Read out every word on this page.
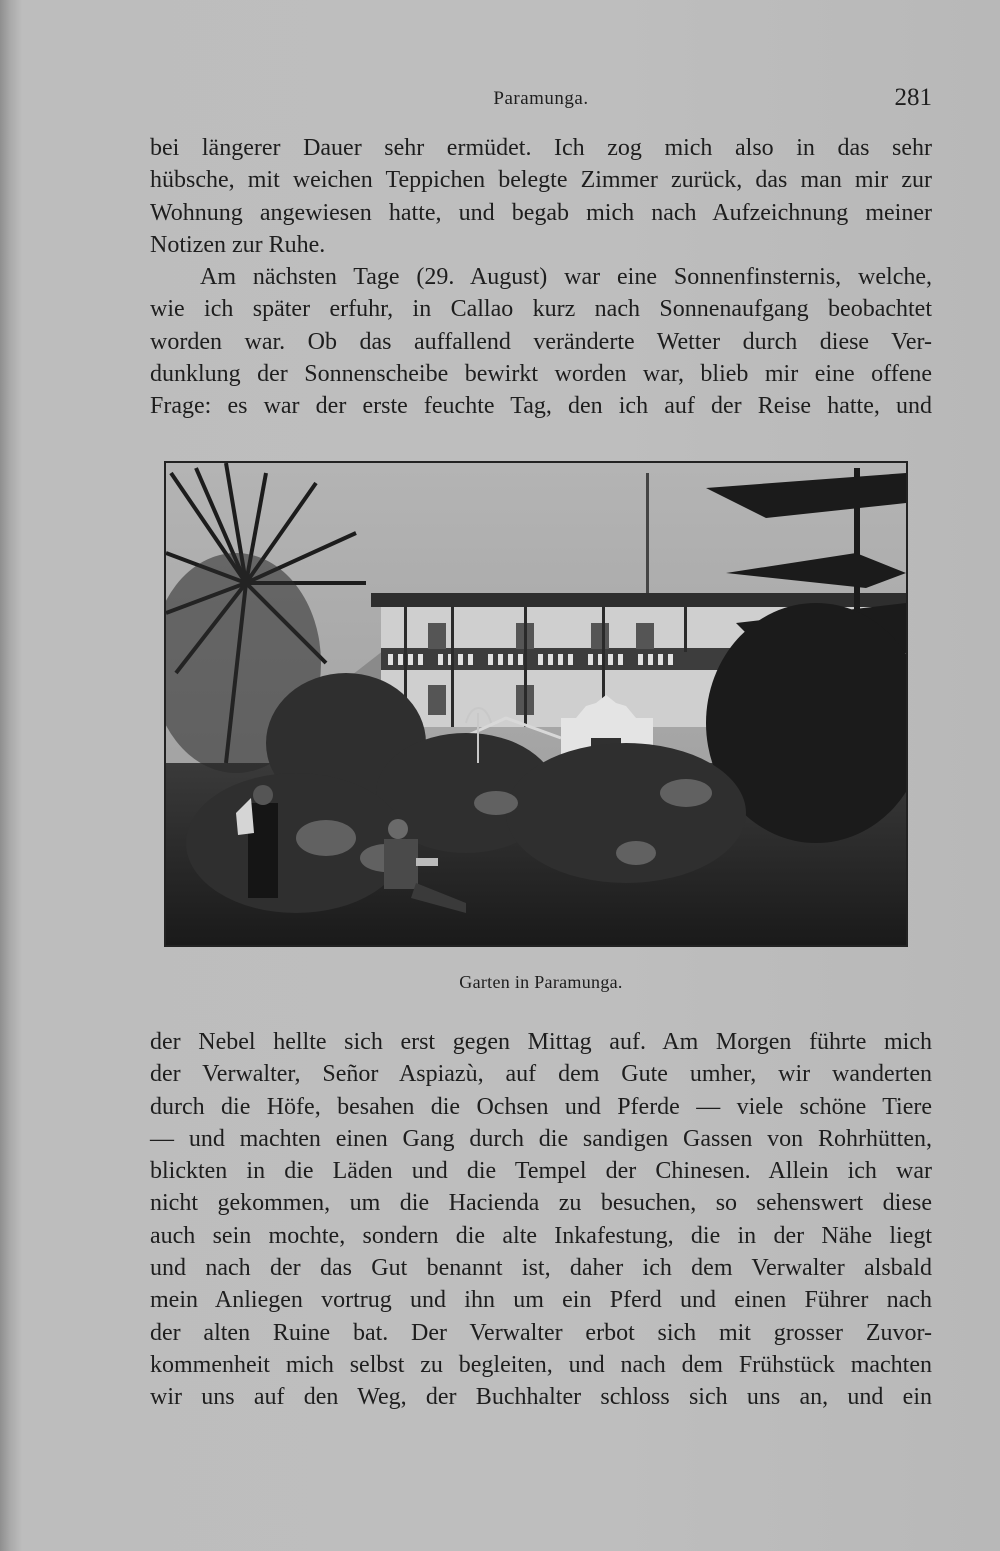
Paramunga.	281
bei längerer Dauer sehr ermüdet. Ich zog mich also in das sehr
hübsche, mit weichen Teppichen belegte Zimmer zurück, das man mir zur
Wohnung angewiesen hatte, und begab mich nach Aufzeichnung meiner
Notizen zur Ruhe.
Am nächsten Tage (29. August) war eine Sonnenfinsternis, welche,
wie ich später erfuhr, in Callao kurz nach Sonnenaufgang beobachtet
worden war. Ob das auffallend veränderte Wetter durch diese Ver-
dunklung der Sonnenscheibe bewirkt worden war, blieb mir eine offene
Frage: es war der erste feuchte Tag, den ich auf der Reise hatte, und
Garten in Paramunga.
der Nebel hellte sich erst gegen Mittag auf. Am Morgen führte mich
der Verwalter, Señor Aspiazù, auf dem Gute umher, wir wanderten
durch die Höfe, besahen die Ochsen und Pferde — viele schöne Tiere
— und machten einen Gang durch die sandigen Gassen von Rohrhütten,
blickten in die Läden und die Tempel der Chinesen. Allein ich war
nicht gekommen, um die Hacienda zu besuchen, so sehenswert diese
auch sein mochte, sondern die alte Inkafestung, die in der Nähe liegt
und nach der das Gut benannt ist, daher ich dem Verwalter alsbald
mein Anliegen vortrug und ihn um ein Pferd und einen Führer nach
der alten Ruine bat. Der Verwalter erbot sich mit grosser Zuvor-
kommenheit mich selbst zu begleiten, und nach dem Frühstück machten
wir uns auf den Weg, der Buchhalter schloss sich uns an, und ein
